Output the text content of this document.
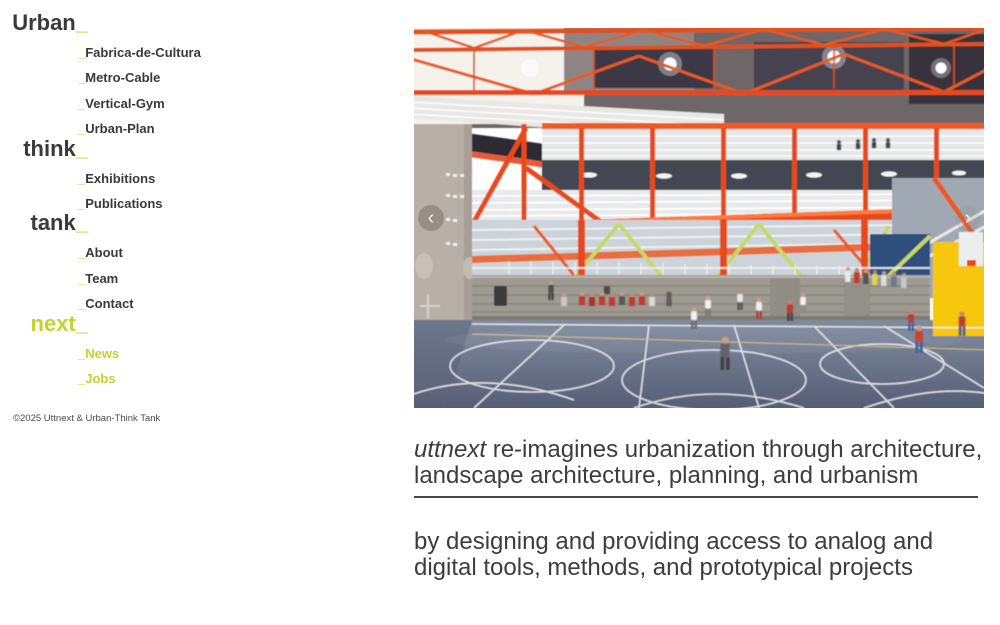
Urban_
_Fabrica-de-Cultura
_Metro-Cable
_Vertical-Gym
_Urban-Plan
think_
_Exhibitions
_Publications
tank_
_About
_Team
_Contact
next_
_News
_Jobs
©2025 Uttnext & Urban-Think Tank
‹	›

uttnext re-imagines urbanization through architecture, landscape architecture, planning, and urbanism

by designing and providing access to analog and digital tools, methods, and prototypical projects
